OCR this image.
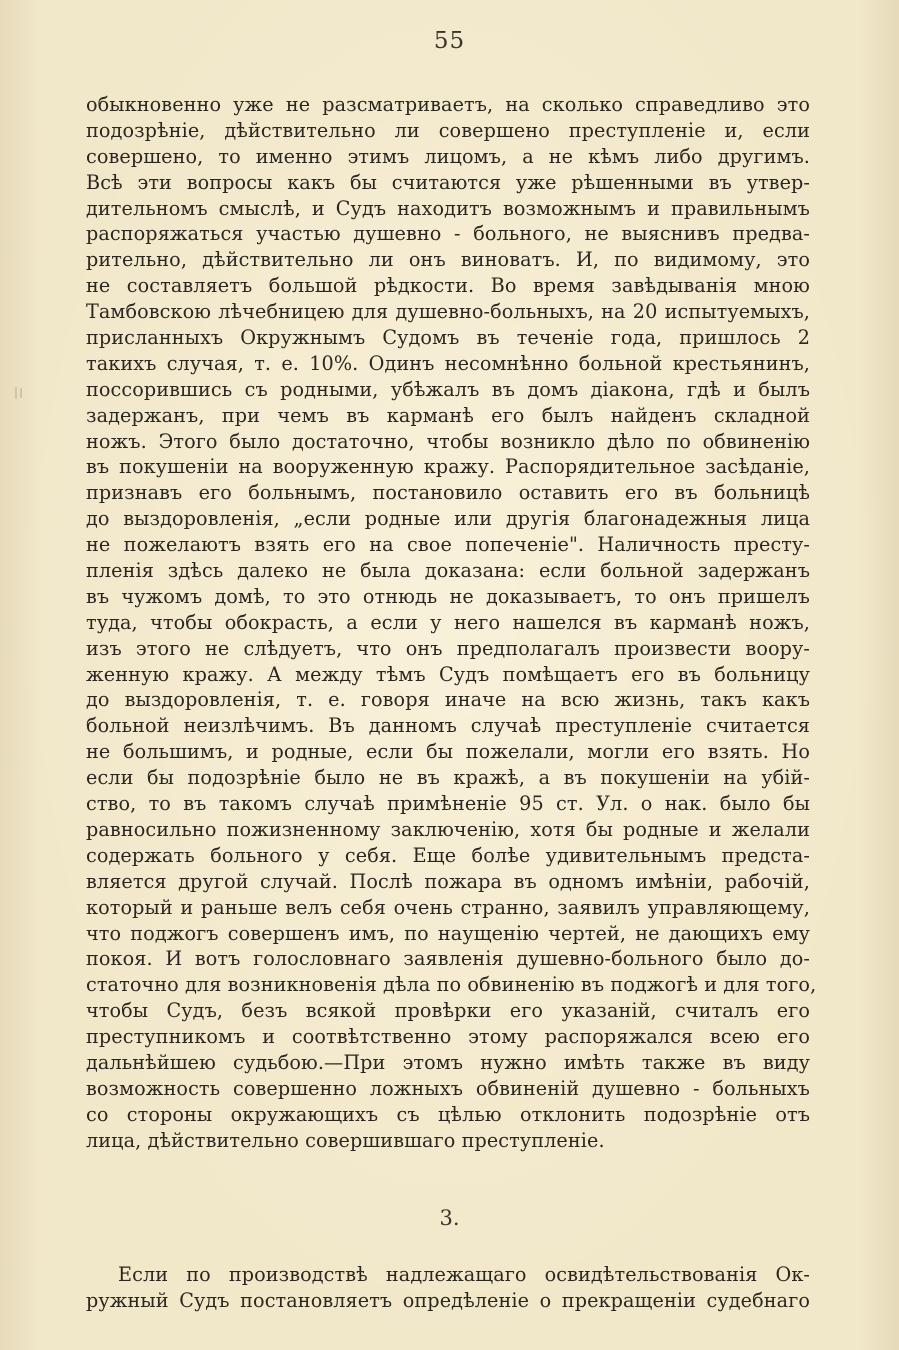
55
обыкновенно уже не разсматриваетъ, на сколько справедливо это
подозрѣніе, дѣйствительно ли совершено преступленіе и, если
совершено, то именно этимъ лицомъ, а не кѣмъ либо другимъ.
Всѣ эти вопросы какъ бы считаются уже рѣшенными въ утвер-
дительномъ смыслѣ, и Судъ находитъ возможнымъ и правильнымъ
распоряжаться участью душевно - больного, не выяснивъ предва-
рительно, дѣйствительно ли онъ виноватъ. И, по видимому, это
не составляетъ большой рѣдкости. Во время завѣдыванія мною
Тамбовскою лѣчебницею для душевно-больныхъ, на 20 испытуемыхъ,
присланныхъ Окружнымъ Судомъ въ теченіе года, пришлось 2
такихъ случая, т. е. 10%. Одинъ несомнѣнно больной крестьянинъ,
поссорившись съ родными, убѣжалъ въ домъ діакона, гдѣ и былъ
задержанъ, при чемъ въ карманѣ его былъ найденъ складной
ножъ. Этого было достаточно, чтобы возникло дѣло по обвиненію
въ покушеніи на вооруженную кражу. Распорядительное засѣданіе,
признавъ его больнымъ, постановило оставить его въ больницѣ
до выздоровленія, „если родные или другія благонадежныя лица
не пожелаютъ взять его на свое попеченіе". Наличность престу-
пленія здѣсь далеко не была доказана: если больной задержанъ
въ чужомъ домѣ, то это отнюдь не доказываетъ, то онъ пришелъ
туда, чтобы обокрасть, а если у него нашелся въ карманѣ ножъ,
изъ этого не слѣдуетъ, что онъ предполагалъ произвести воору-
женную кражу. А между тѣмъ Судъ помѣщаетъ его въ больницу
до выздоровленія, т. е. говоря иначе на всю жизнь, такъ какъ
больной неизлѣчимъ. Въ данномъ случаѣ преступленіе считается
не большимъ, и родные, если бы пожелали, могли его взять. Но
если бы подозрѣніе было не въ кражѣ, а въ покушеніи на убій-
ство, то въ такомъ случаѣ примѣненіе 95 ст. Ул. о нак. было бы
равносильно пожизненному заключенію, хотя бы родные и желали
содержать больного у себя. Еще болѣе удивительнымъ предста-
вляется другой случай. Послѣ пожара въ одномъ имѣніи, рабочій,
который и раньше велъ себя очень странно, заявилъ управляющему,
что поджогъ совершенъ имъ, по наущенію чертей, не дающихъ ему
покоя. И вотъ голословнаго заявленія душевно-больного было до-
статочно для возникновенія дѣла по обвиненію въ поджогѣ и для того,
чтобы Судъ, безъ всякой провѣрки его указаній, считалъ его
преступникомъ и соотвѣтственно этому распоряжался всею его
дальнѣйшею судьбою.—При этомъ нужно имѣть также въ виду
возможность совершенно ложныхъ обвиненій душевно - больныхъ
со стороны окружающихъ съ цѣлью отклонить подозрѣніе отъ
лица, дѣйствительно совершившаго преступленіе.
3.
Если по производствѣ надлежащаго освидѣтельствованія Ок-
ружный Судъ постановляетъ опредѣленіе о прекращеніи судебнаго
